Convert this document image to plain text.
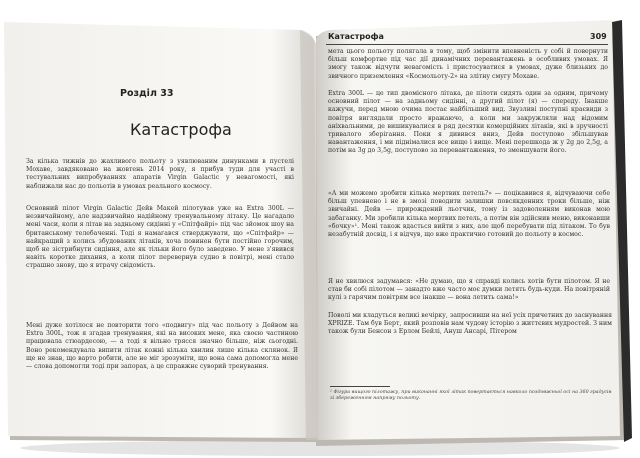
Розділ 33
Катастрофа

За кілька тижнів до жахливого польоту з уявлюваним динунками в пустелі Мохаве, завдяковано на жовтень 2014 року, я прибув туди для участі в тестувальних випробуваннях апаратів Virgin Galactic у невагомості, які наближали нас до польотів в умовах реального космосу.

Основний пілот Virgin Galactic Дейв Макей пілотував уже на Extra 300L — незвичайному, але надзвичайно надійному тренувальному літаку. Це нагадало мені часи, коли я літав на задньому сидінні у «Спітфайрі» під час зйомок шоу на британському телебаченні. Тоді я намагався стверджувати, що «Спітфайр» — найкращий з колись збудованих літаків, хоча повинен бути постійно горочим, щоб не зістрибнути сидіння, але як тільки його було заведено. У мене з'явився навіть коротке дихання, а коли пілот перевернув судно в повітрі, мені стало страшно знову, що я втрачу свідомість.

Мені дуже хотілося не повторити того «подвигу» під час польоту з Дейвом на Extra 300L, тож я згадав тренування, які на високих мене, яка своєю частиною працювала стюардесою, — а тоді я вільно трясся значно більше, ніж сьогодні. Воно рекомендувала випити літак кожні кілька хвилин лише кілька склянок. Я ще не знав, що варто робити, але не міг зрозуміти, що вона сама допомогла мене — слова допомогли тоді при запорах, а це справжнє суворий тренування.

Катастрофа	309

мета цього польоту полягала в тому, щоб змінити впевненість у собі й повернути більш комфортне під час дії динамічних перевантажень в особливих умовах. Я змогу також відчути невагомість і пристосуватися в умовах, дуже близьких до звичного приземлення «Космольоту-2» на злітну смугу Мохаве.

Extra 300L — це тип двомісного літака, де пілоти сидять один за одним, причому основний пілот — на задньому сидінні, а другий пілот (я) — спереду. Інакше кажучи, перед мною очима постає найбільший вид. Звузливі поступні краєвиди з повітря виглядали просто вражаючо, а коли ми закружляли над відомим аніхвальними, де вишикувалися в ряд десятки комерційних літаків, які в зручності тривалого зберігання. Поки я дивився вниз, Дейв поступово збільшував навантаження, і ми піднімалися все вище і вище. Мені перешкода ж у 2g до 2,5g, а потім на 3g до 3,5g, поступово за перевантаження, то зменшувати його.

«А ми можемо зробити кілька мертвих петель?» — поцікавився я, відчуваючи себе більш упевнено і не в змозі поводити залишки повсякденних троки більше, ніж звичайні. Дейв — прирождений льотчик, тому із задоволенням виконав мою забаганку. Ми зробили кілька мертвих петель, а потім він здійснив меню, виконавши «бочку»¹. Мені також вдасться вийти з них, але щоб перебувати під літаком. То був незабутній досвід, і я відчув, що вже практично готовий до польоту в космос.

Я не хвилюся задумався: «Не думаю, що я справді колись хотів бути пілотом. Я не став би собі пілотом — занадто вже часто моє думки летять будь-куди. На повітряній кулі з гарячим повітрям все інакше — вона летить сама!»

Поволі ми кладуться великі вечірку, запросивши на неї усіх причетних до заснування XPRIZE. Там був Берт, який розповів нам чудову історію з життєвих мудростей. З ним також були Бенсон з Ерлом Бейлі, Ануш Ансарі, Пітером

¹ Фігура вищого пілотажу, при виконанні якої літак повертається навколо поздовжньої осі на 360 градусів зі збереженням напряму польоту.
